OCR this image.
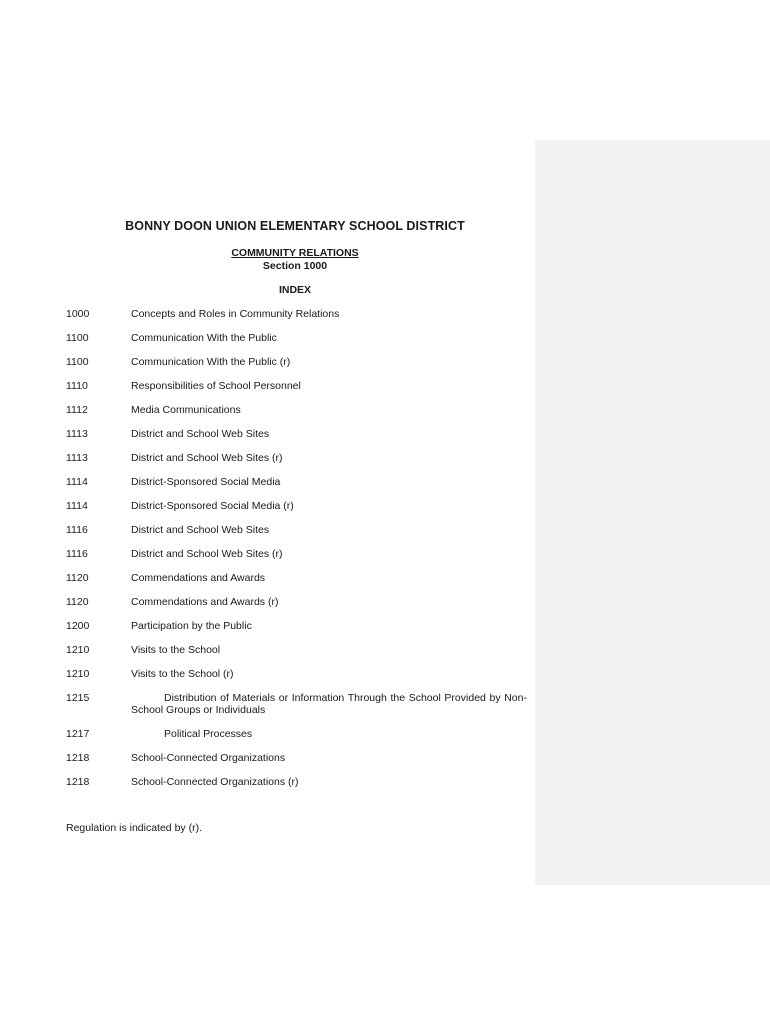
BONNY DOON UNION ELEMENTARY SCHOOL DISTRICT
COMMUNITY RELATIONS
Section 1000
INDEX
1000	Concepts and Roles in Community Relations
1100	Communication With the Public
1100	Communication With the Public (r)
1110	Responsibilities of School Personnel
1112	Media Communications
1113	District and School Web Sites
1113	District and School Web Sites (r)
1114	District-Sponsored Social Media
1114	District-Sponsored Social Media (r)
1116	District and School Web Sites
1116	District and School Web Sites (r)
1120	Commendations and Awards
1120	Commendations and Awards (r)
1200	Participation by the Public
1210	Visits to the School
1210	Visits to the School (r)
1215	Distribution of Materials or Information Through the School Provided by Non-School Groups or Individuals
1217	Political Processes
1218	School-Connected Organizations
1218	School-Connected Organizations (r)
Regulation is indicated by (r).
